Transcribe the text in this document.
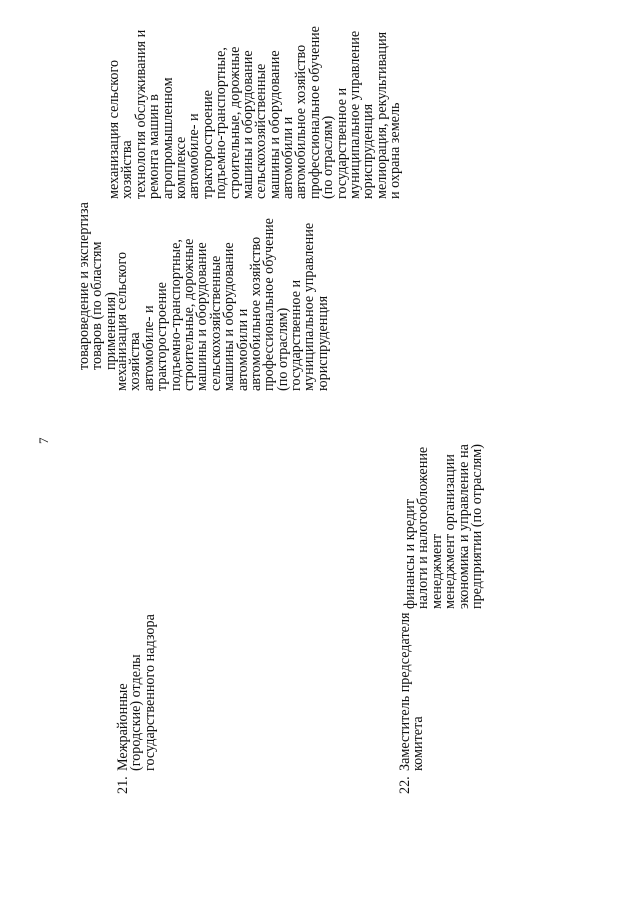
7
товароведение и экспертиза
товаров (по областям
применения)
21.
Межрайонные
(городские) отделы
государственного надзора
механизация сельского
хозяйства
автомобиле- и
тракторостроение
подъемно-транспортные,
строительные, дорожные
машины и оборудование
сельскохозяйственные
машины и оборудование
автомобили и
автомобильное хозяйство
профессиональное обучение
(по отраслям)
государственное и
муниципальное управление
юриспруденция
механизация сельского
хозяйства
технология обслуживания и
ремонта машин в
агропромышленном
комплексе
автомобиле- и
тракторостроение
подъемно-транспортные,
строительные, дорожные
машины и оборудование
сельскохозяйственные
машины и оборудование
автомобили и
автомобильное хозяйство
профессиональное обучение
(по отраслям)
государственное и
муниципальное управление
юриспруденция
мелиорация, рекультивация
и охрана земель
22.
Заместитель председателя
комитета
финансы и кредит
налоги и налогообложение
менеджмент
менеджмент организации
экономика и управление на
предприятии (по отраслям)
